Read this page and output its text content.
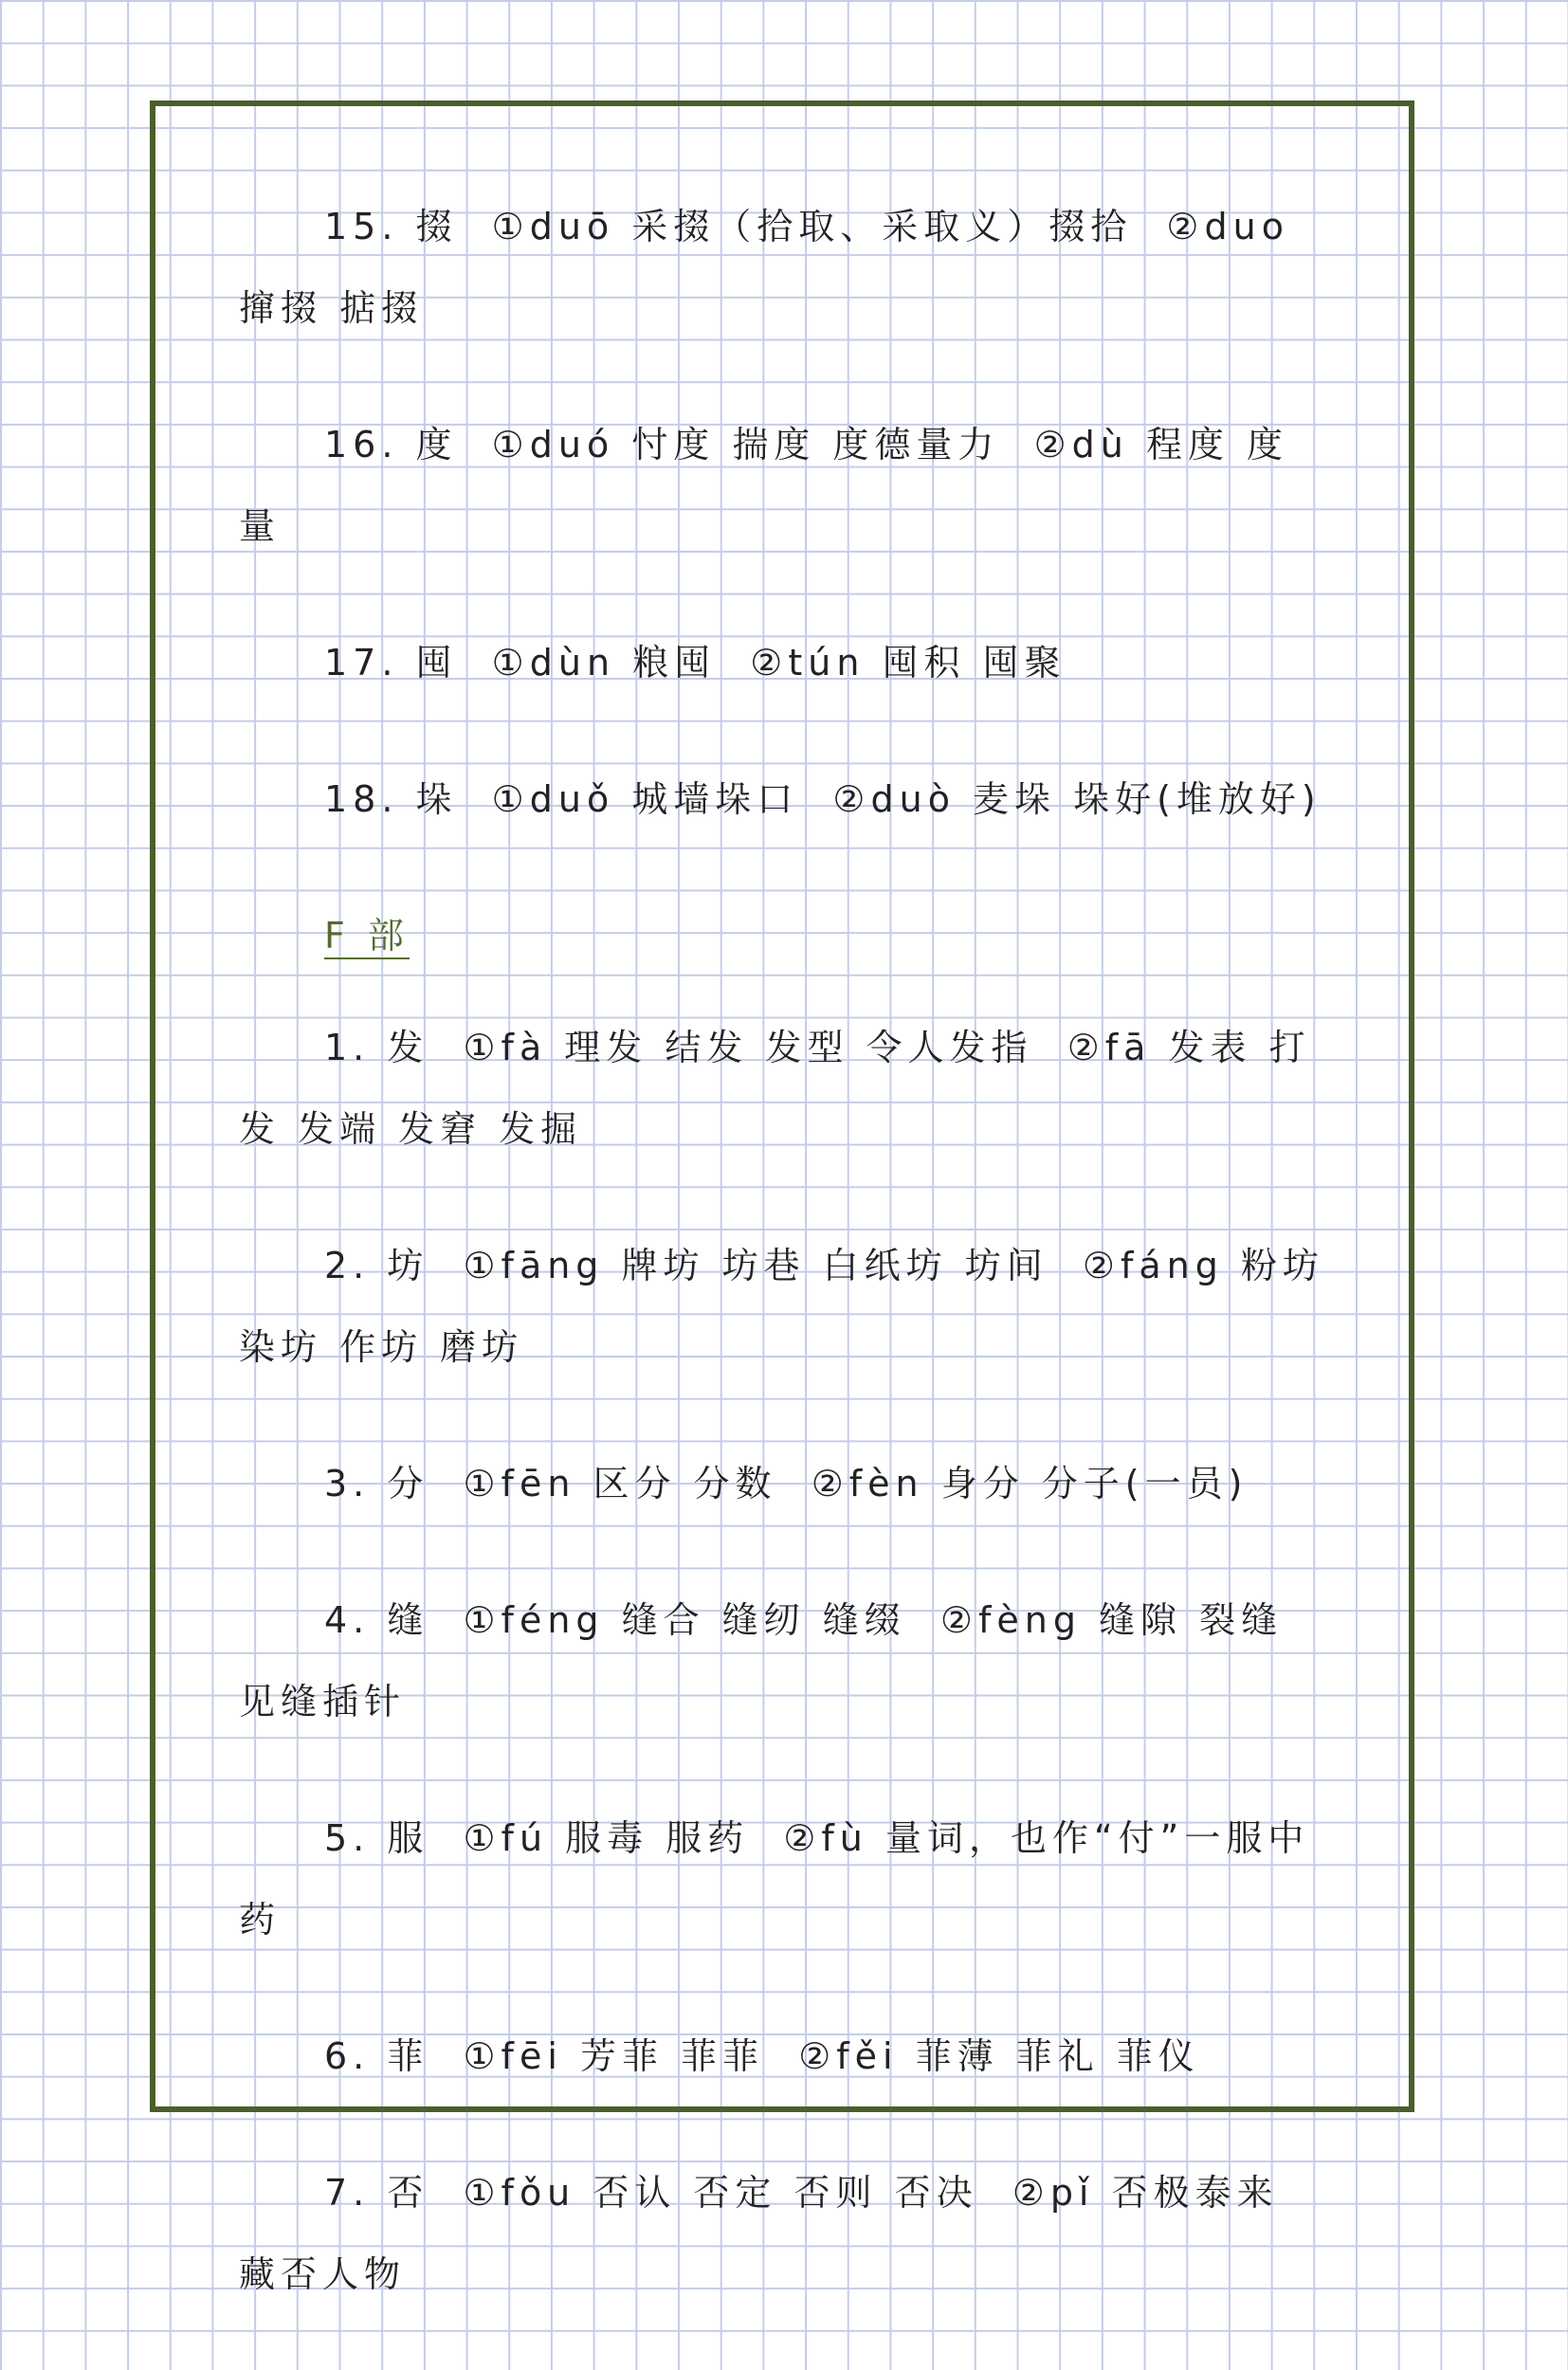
15. 掇  ①duō 采掇（拾取、采取义）掇拾  ②duo 撺掇 掂掇

16. 度  ①duó 忖度 揣度 度德量力  ②dù 程度 度量

17. 囤  ①dùn 粮囤  ②tún 囤积 囤聚

18. 垛  ①duǒ 城墙垛口  ②duò 麦垛 垛好(堆放好)

F 部

1. 发  ①fà 理发 结发 发型 令人发指  ②fā 发表 打发 发端 发窘 发掘

2. 坊  ①fāng 牌坊 坊巷 白纸坊 坊间  ②fáng 粉坊 染坊 作坊 磨坊

3. 分  ①fēn 区分 分数  ②fèn 身分 分子(一员)

4. 缝  ①féng 缝合 缝纫 缝缀  ②fèng 缝隙 裂缝 见缝插针

5. 服  ①fú 服毒 服药  ②fù 量词，也作“付”一服中药

6. 菲  ①fēi 芳菲 菲菲  ②fěi 菲薄 菲礼 菲仪

7. 否  ①fǒu 否认 否定 否则 否决  ②pǐ 否极泰来 藏否人物
